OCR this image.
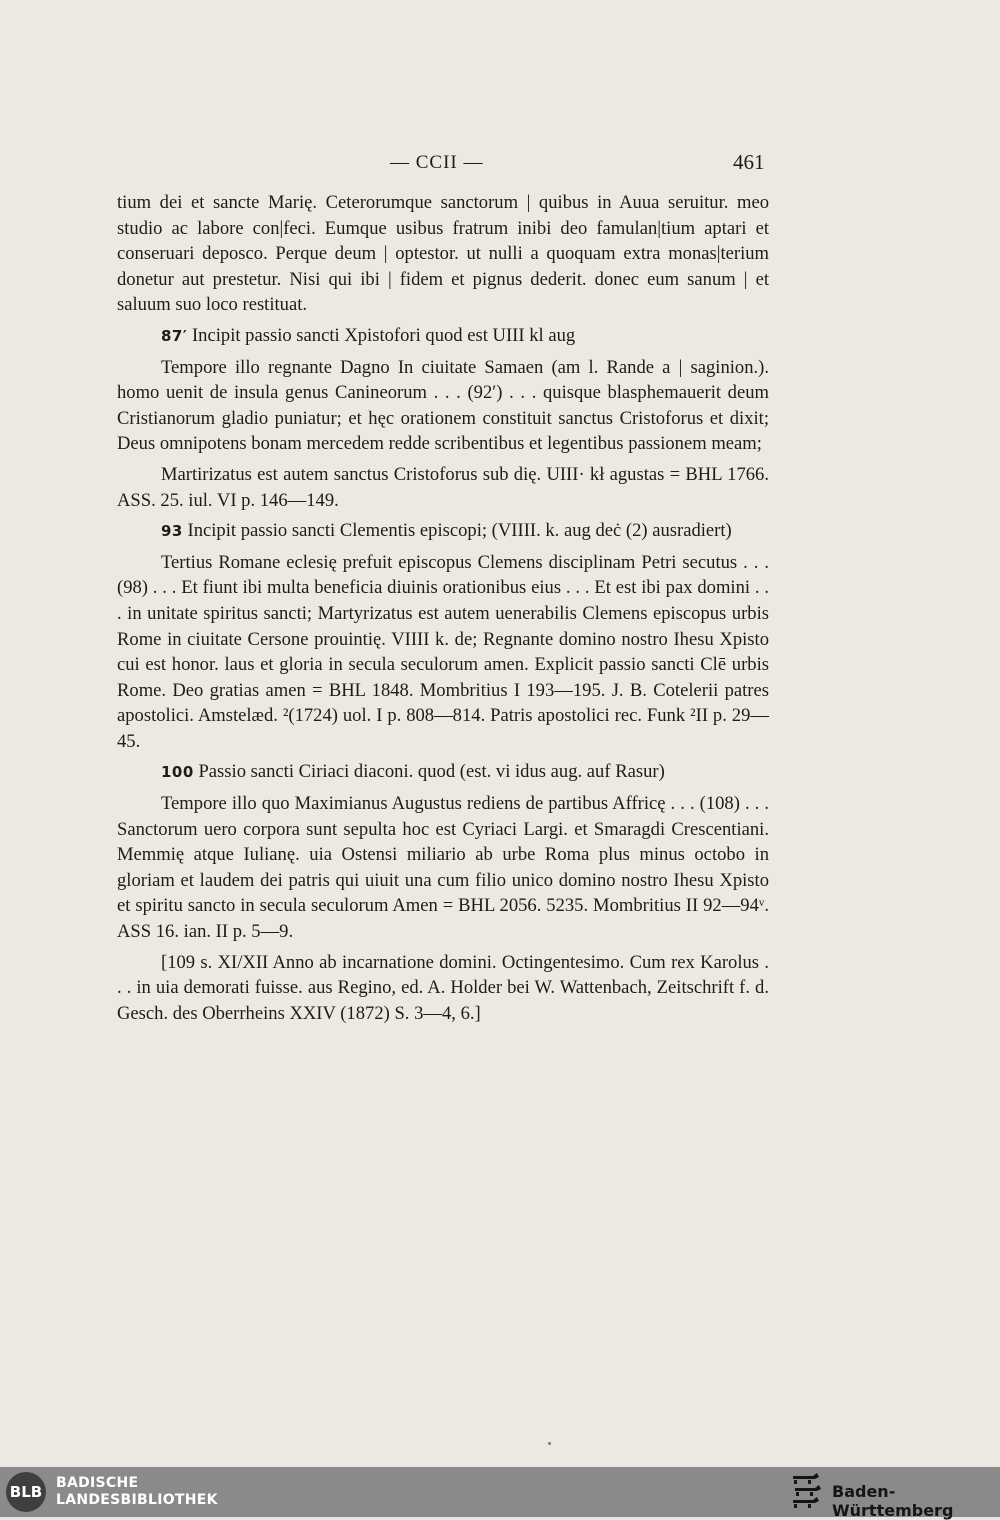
— CCII —	461

tium dei et sancte Marię. Ceterorumque sanctorum | quibus in Auua seruitur. meo studio ac labore con|feci. Eumque usibus fratrum inibi deo famulan|tium aptari et conseruari deposco. Perque deum | optestor. ut nulli a quoquam extra monas|terium donetur aut prestetur. Nisi qui ibi | fidem et pignus dederit. donec eum sanum | et saluum suo loco restituat.

87′ Incipit passio sancti Xpistofori quod est UIII kl aug

Tempore illo regnante Dagno In ciuitate Samaen (am l. Rande a | saginion.). homo uenit de insula genus Canineorum . . . (92′) . . . quisque blasphemauerit deum Cristianorum gladio puniatur; et hęc orationem constituit sanctus Cristoforus et dixit; Deus omnipotens bonam mercedem redde scribentibus et legentibus passionem meam;

Martirizatus est autem sanctus Cristoforus sub dię. UIII· kł agustas = BHL 1766. ASS. 25. iul. VI p. 146—149.

93 Incipit passio sancti Clementis episcopi; (VIIII. k. aug deċ (2) ausradiert)

Tertius Romane eclesię prefuit episcopus Clemens disciplinam Petri secutus . . . (98) . . . Et fiunt ibi multa beneficia diuinis orationibus eius . . . Et est ibi pax domini . . . in unitate spiritus sancti; Martyrizatus est autem uenerabilis Clemens episcopus urbis Rome in ciuitate Cersone prouintię. VIIII k. de; Regnante domino nostro Ihesu Xpisto cui est honor. laus et gloria in secula seculorum amen. Explicit passio sancti Clē urbis Rome. Deo gratias amen = BHL 1848. Mombritius I 193—195. J. B. Cotelerii patres apostolici. Amstelæd. ²(1724) uol. I p. 808—814. Patris apostolici rec. Funk ²II p. 29—45.

100 Passio sancti Ciriaci diaconi. quod (est. vi idus aug. auf Rasur)

Tempore illo quo Maximianus Augustus rediens de partibus Affricę . . . (108) . . . Sanctorum uero corpora sunt sepulta hoc est Cyriaci Largi. et Smaragdi Crescentiani. Memmię atque Iulianę. uia Ostensi miliario ab urbe Roma plus minus octobo in gloriam et laudem dei patris qui uiuit una cum filio unico domino nostro Ihesu Xpisto et spiritu sancto in secula seculorum Amen = BHL 2056. 5235. Mombritius II 92—94ᵛ. ASS 16. ian. II p. 5—9.

[109 s. XI/XII Anno ab incarnatione domini. Octingentesimo. Cum rex Karolus . . . in uia demorati fuisse. aus Regino, ed. A. Holder bei W. Wattenbach, Zeitschrift f. d. Gesch. des Oberrheins XXIV (1872) S. 3—4, 6.]

BLB BADISCHE
LANDESBIBLIOTHEK	Baden-Württemberg
